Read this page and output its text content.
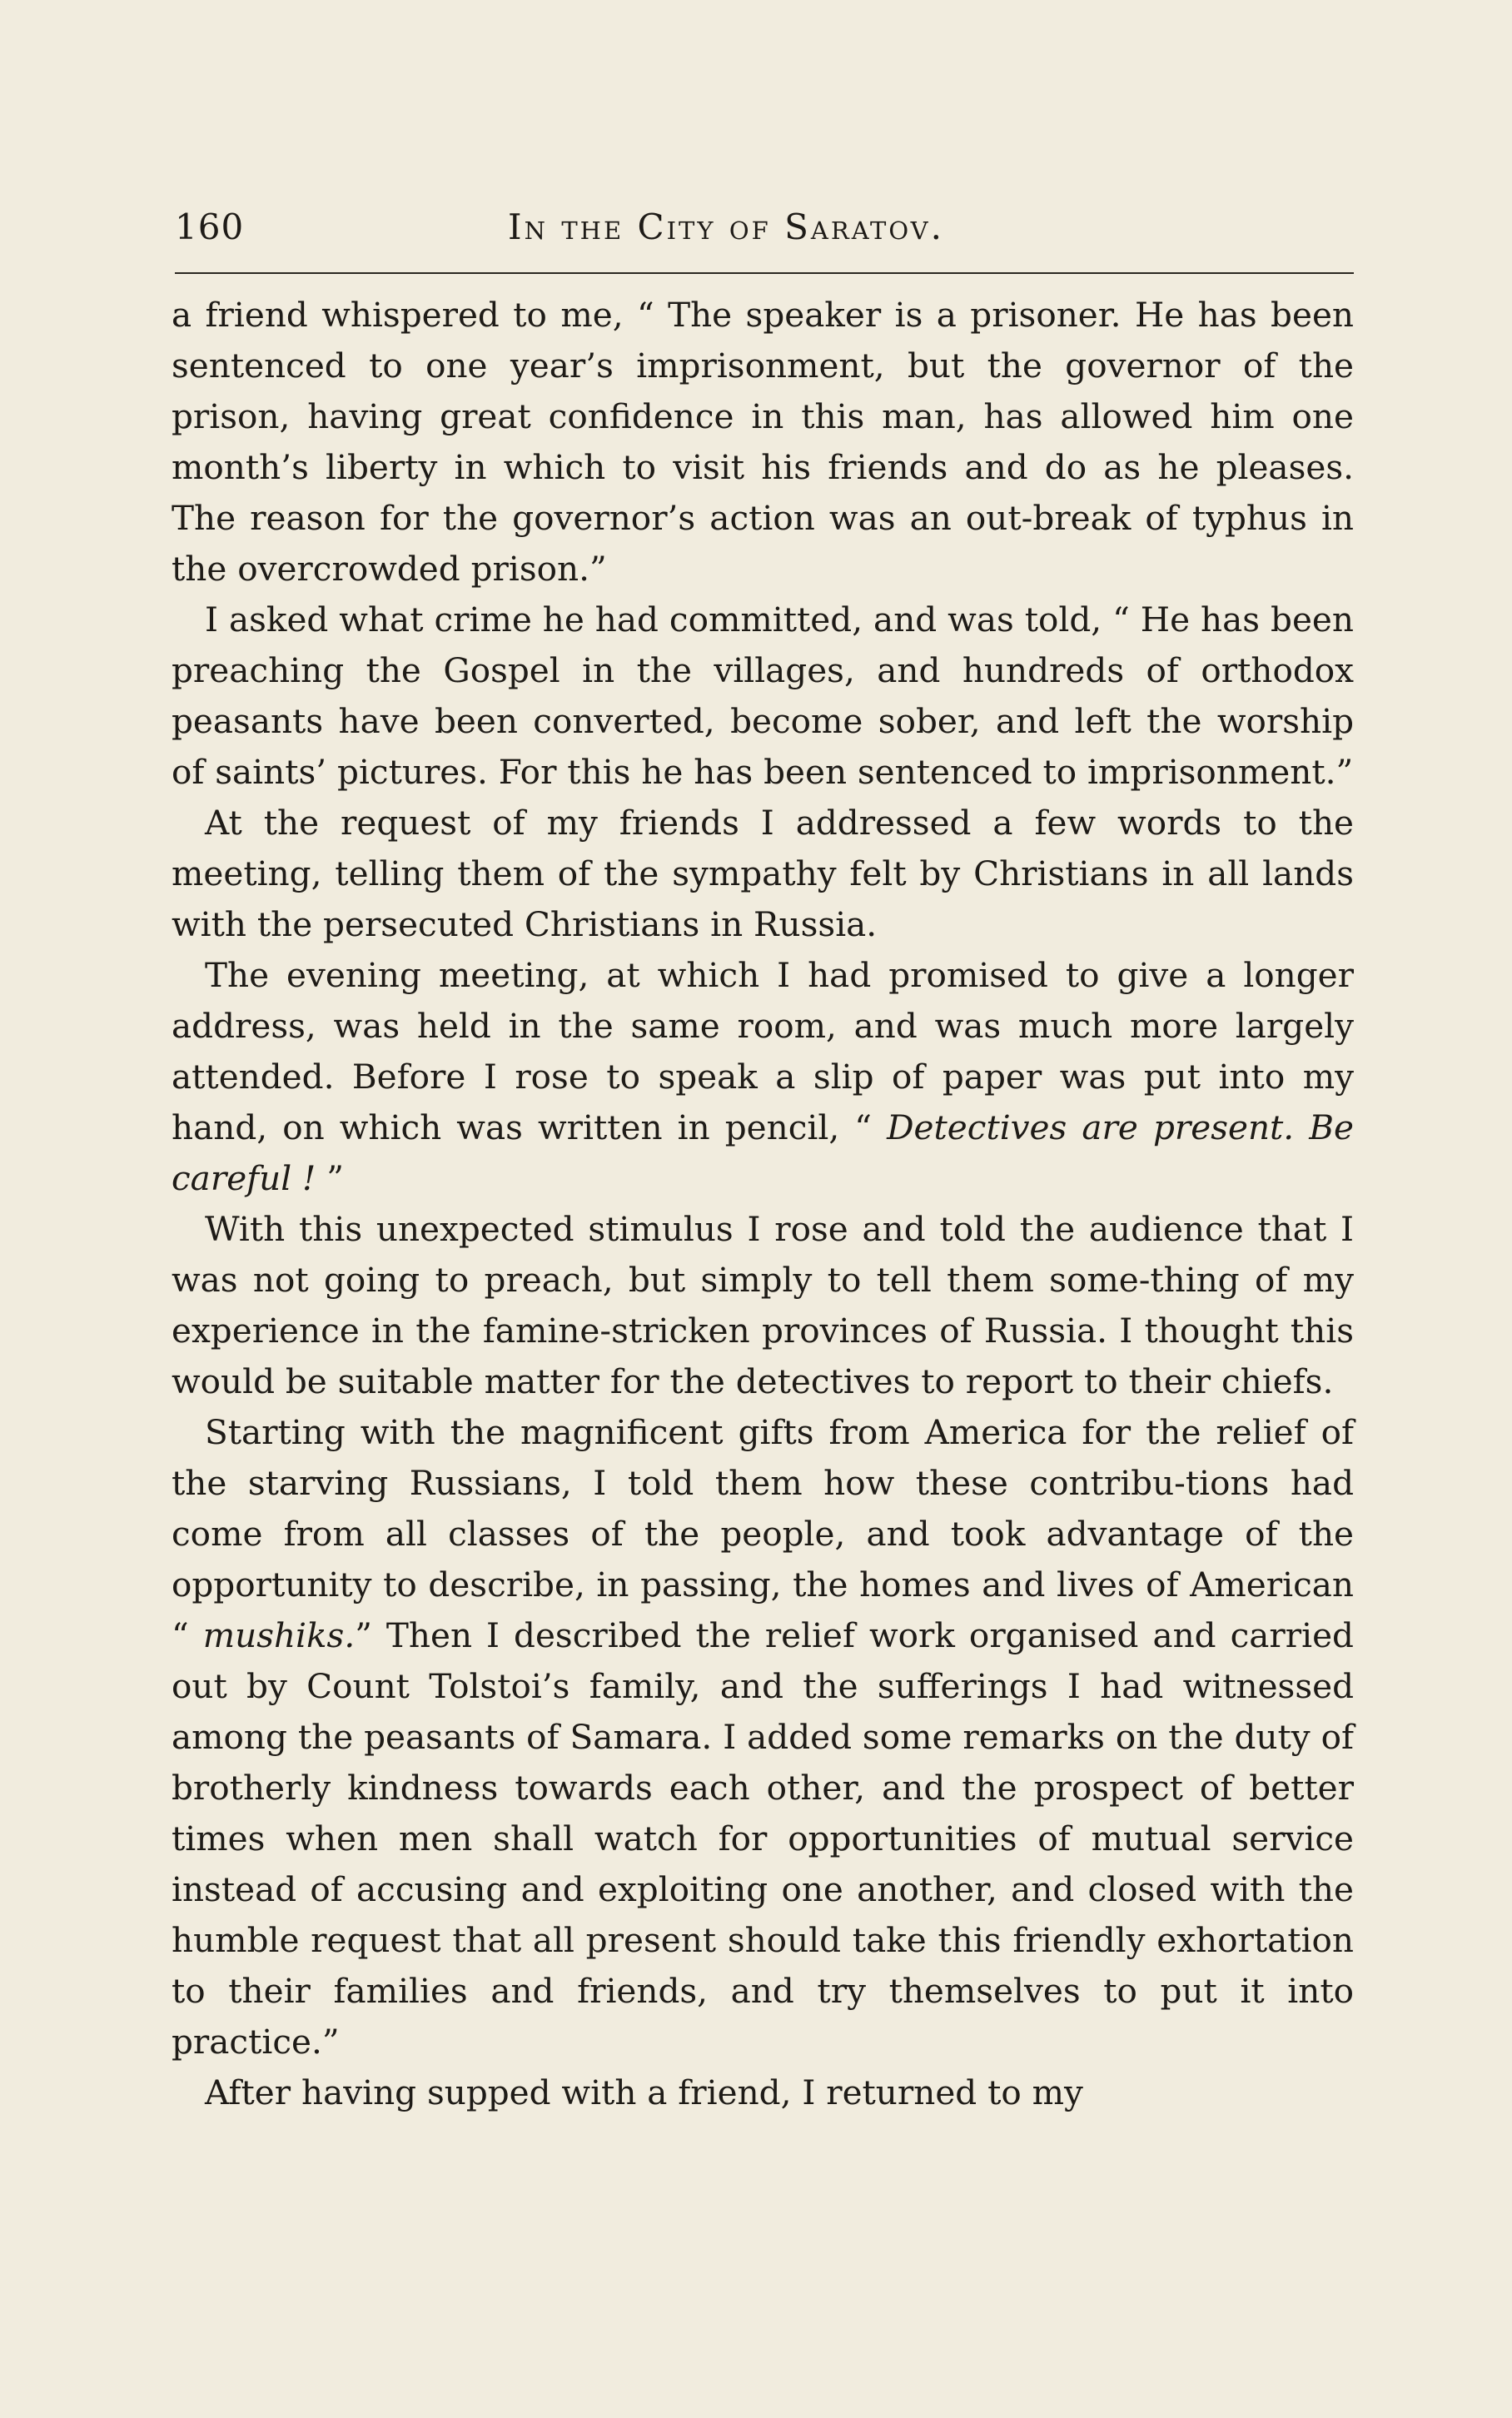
160	In the City of Saratov.

a friend whispered to me, “ The speaker is a prisoner. He has been sentenced to one year’s imprisonment, but the governor of the prison, having great confidence in this man, has allowed him one month’s liberty in which to visit his friends and do as he pleases. The reason for the governor’s action was an out-break of typhus in the overcrowded prison.”

I asked what crime he had committed, and was told, “ He has been preaching the Gospel in the villages, and hundreds of orthodox peasants have been converted, become sober, and left the worship of saints’ pictures. For this he has been sentenced to imprisonment.”

At the request of my friends I addressed a few words to the meeting, telling them of the sympathy felt by Christians in all lands with the persecuted Christians in Russia.

The evening meeting, at which I had promised to give a longer address, was held in the same room, and was much more largely attended. Before I rose to speak a slip of paper was put into my hand, on which was written in pencil, “ Detectives are present. Be careful ! ”

With this unexpected stimulus I rose and told the audience that I was not going to preach, but simply to tell them some-thing of my experience in the famine-stricken provinces of Russia. I thought this would be suitable matter for the detectives to report to their chiefs.

Starting with the magnificent gifts from America for the relief of the starving Russians, I told them how these contribu-tions had come from all classes of the people, and took advantage of the opportunity to describe, in passing, the homes and lives of American “ mushiks.” Then I described the relief work organised and carried out by Count Tolstoi’s family, and the sufferings I had witnessed among the peasants of Samara. I added some remarks on the duty of brotherly kindness towards each other, and the prospect of better times when men shall watch for opportunities of mutual service instead of accusing and exploiting one another, and closed with the humble request that all present should take this friendly exhortation to their families and friends, and try themselves to put it into practice.”

After having supped with a friend, I returned to my
